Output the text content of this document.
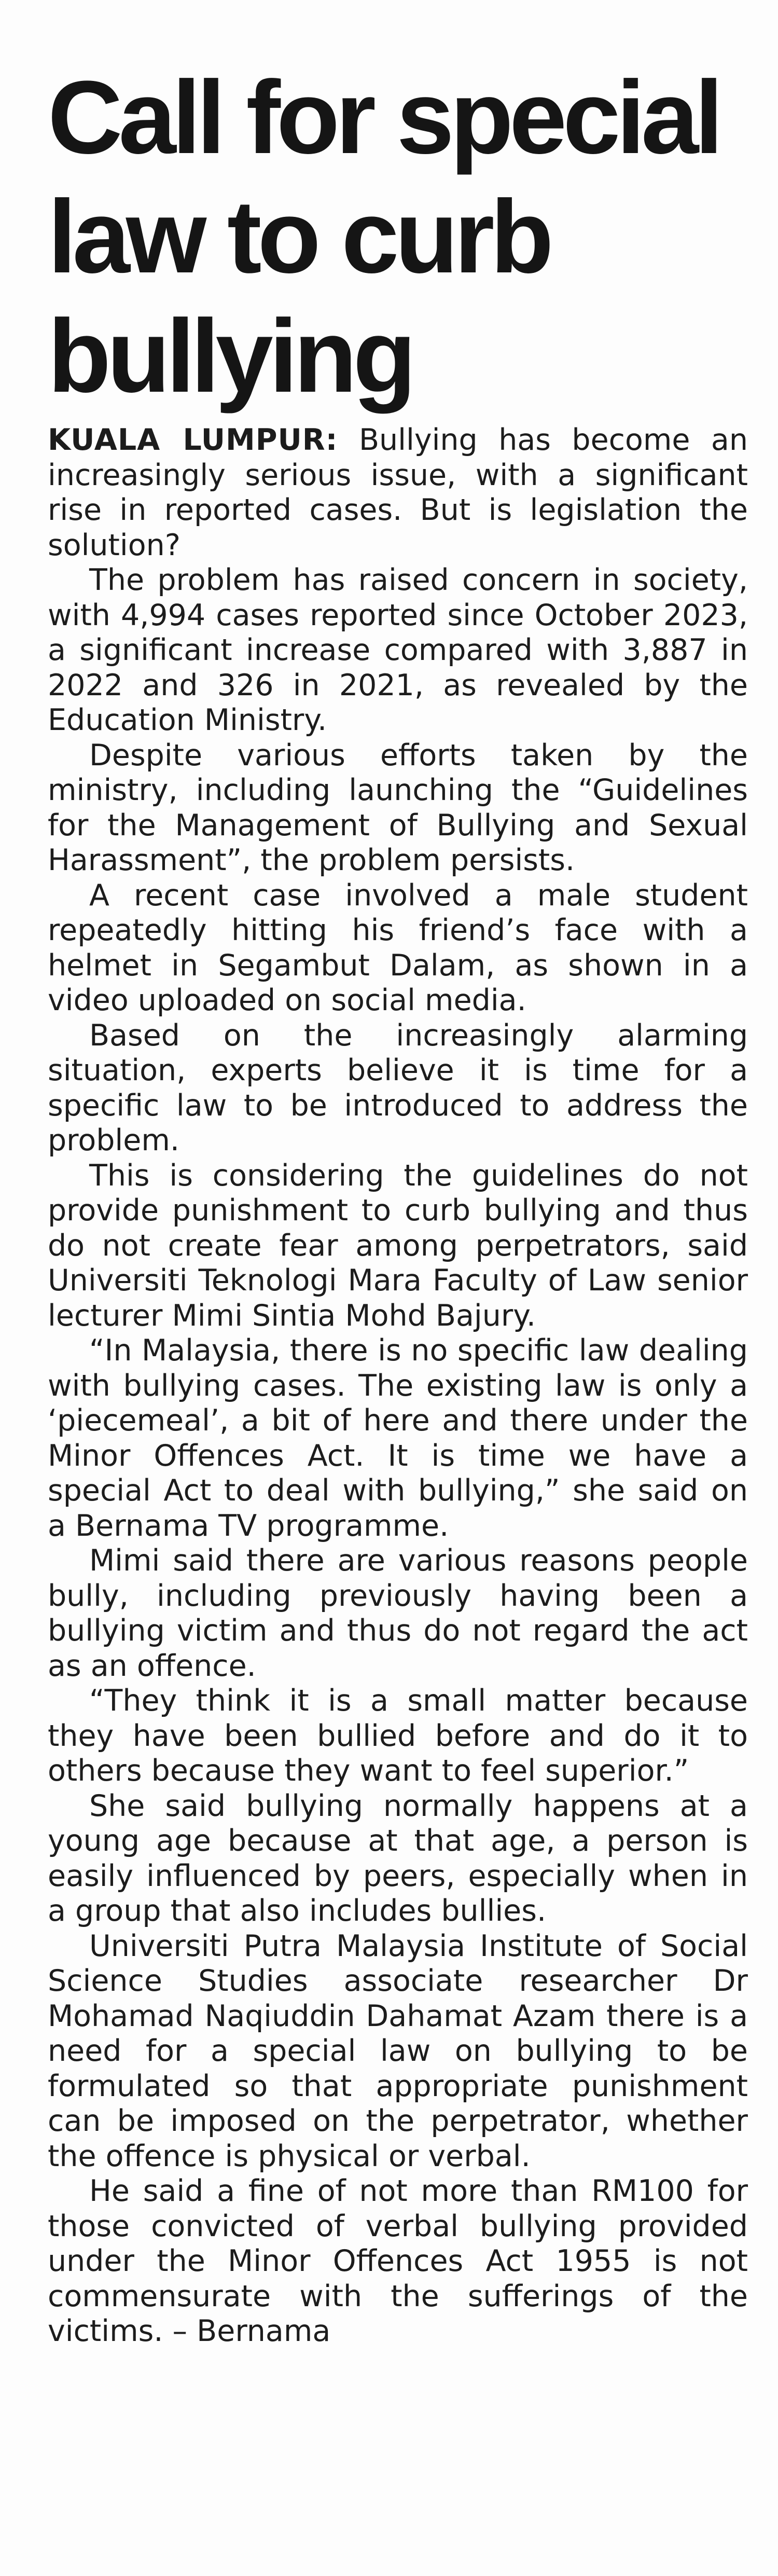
Call for special
law to curb
bullying

KUALA LUMPUR: Bullying has become an increasingly serious issue, with a significant rise in reported cases. But is legislation the solution?

The problem has raised concern in society, with 4,994 cases reported since October 2023, a significant increase compared with 3,887 in 2022 and 326 in 2021, as revealed by the Education Ministry.

Despite various efforts taken by the ministry, including launching the “Guidelines for the Management of Bullying and Sexual Harassment”, the problem persists.

A recent case involved a male student repeatedly hitting his friend’s face with a helmet in Segambut Dalam, as shown in a video uploaded on social media.

Based on the increasingly alarming situation, experts believe it is time for a specific law to be introduced to address the problem.

This is considering the guidelines do not provide punishment to curb bullying and thus do not create fear among perpetrators, said Universiti Teknologi Mara Faculty of Law senior lecturer Mimi Sintia Mohd Bajury.

“In Malaysia, there is no specific law dealing with bullying cases. The existing law is only a ‘piecemeal’, a bit of here and there under the Minor Offences Act. It is time we have a special Act to deal with bullying,” she said on a Bernama TV programme.

Mimi said there are various reasons people bully, including previously having been a bullying victim and thus do not regard the act as an offence.

“They think it is a small matter because they have been bullied before and do it to others because they want to feel superior.”

She said bullying normally happens at a young age because at that age, a person is easily influenced by peers, especially when in a group that also includes bullies.

Universiti Putra Malaysia Institute of Social Science Studies associate researcher Dr Mohamad Naqiuddin Dahamat Azam there is a need for a special law on bullying to be formulated so that appropriate punishment can be imposed on the perpetrator, whether the offence is physical or verbal.

He said a fine of not more than RM100 for those convicted of verbal bullying provided under the Minor Offences Act 1955 is not commensurate with the sufferings of the victims. – Bernama
